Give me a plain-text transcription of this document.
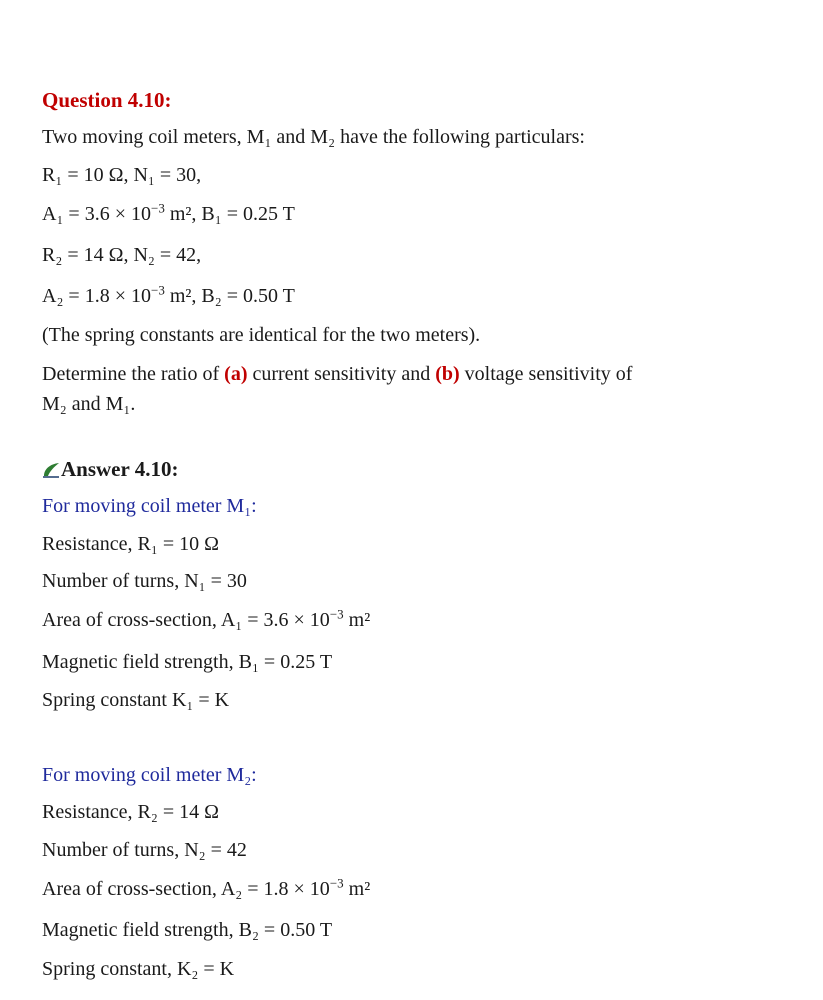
Question 4.10:
Two moving coil meters, M₁ and M₂ have the following particulars:
R₁ = 10 Ω, N₁ = 30,
$A_1 = 3.6 \times 10^{-3}$ m², B₁ = 0.25 T
R₂ = 14 Ω, N₂ = 42,
$A_2 = 1.8 \times 10^{-3}$ m², B₂ = 0.50 T
(The spring constants are identical for the two meters).
Determine the ratio of (a) current sensitivity and (b) voltage sensitivity of
M₂ and M₁.
Answer 4.10:
For moving coil meter M₁:
Resistance, R₁ = 10 Ω
Number of turns, N₁ = 30
Area of cross-section, $A_1 = 3.6 \times 10^{-3}$ m²
Magnetic field strength, B₁ = 0.25 T
Spring constant K₁ = K
For moving coil meter M₂:
Resistance, R₂ = 14 Ω
Number of turns, N₂ = 42
Area of cross-section, $A_2 = 1.8 \times 10^{-3}$ m²
Magnetic field strength, B₂ = 0.50 T
Spring constant, K₂ = K
